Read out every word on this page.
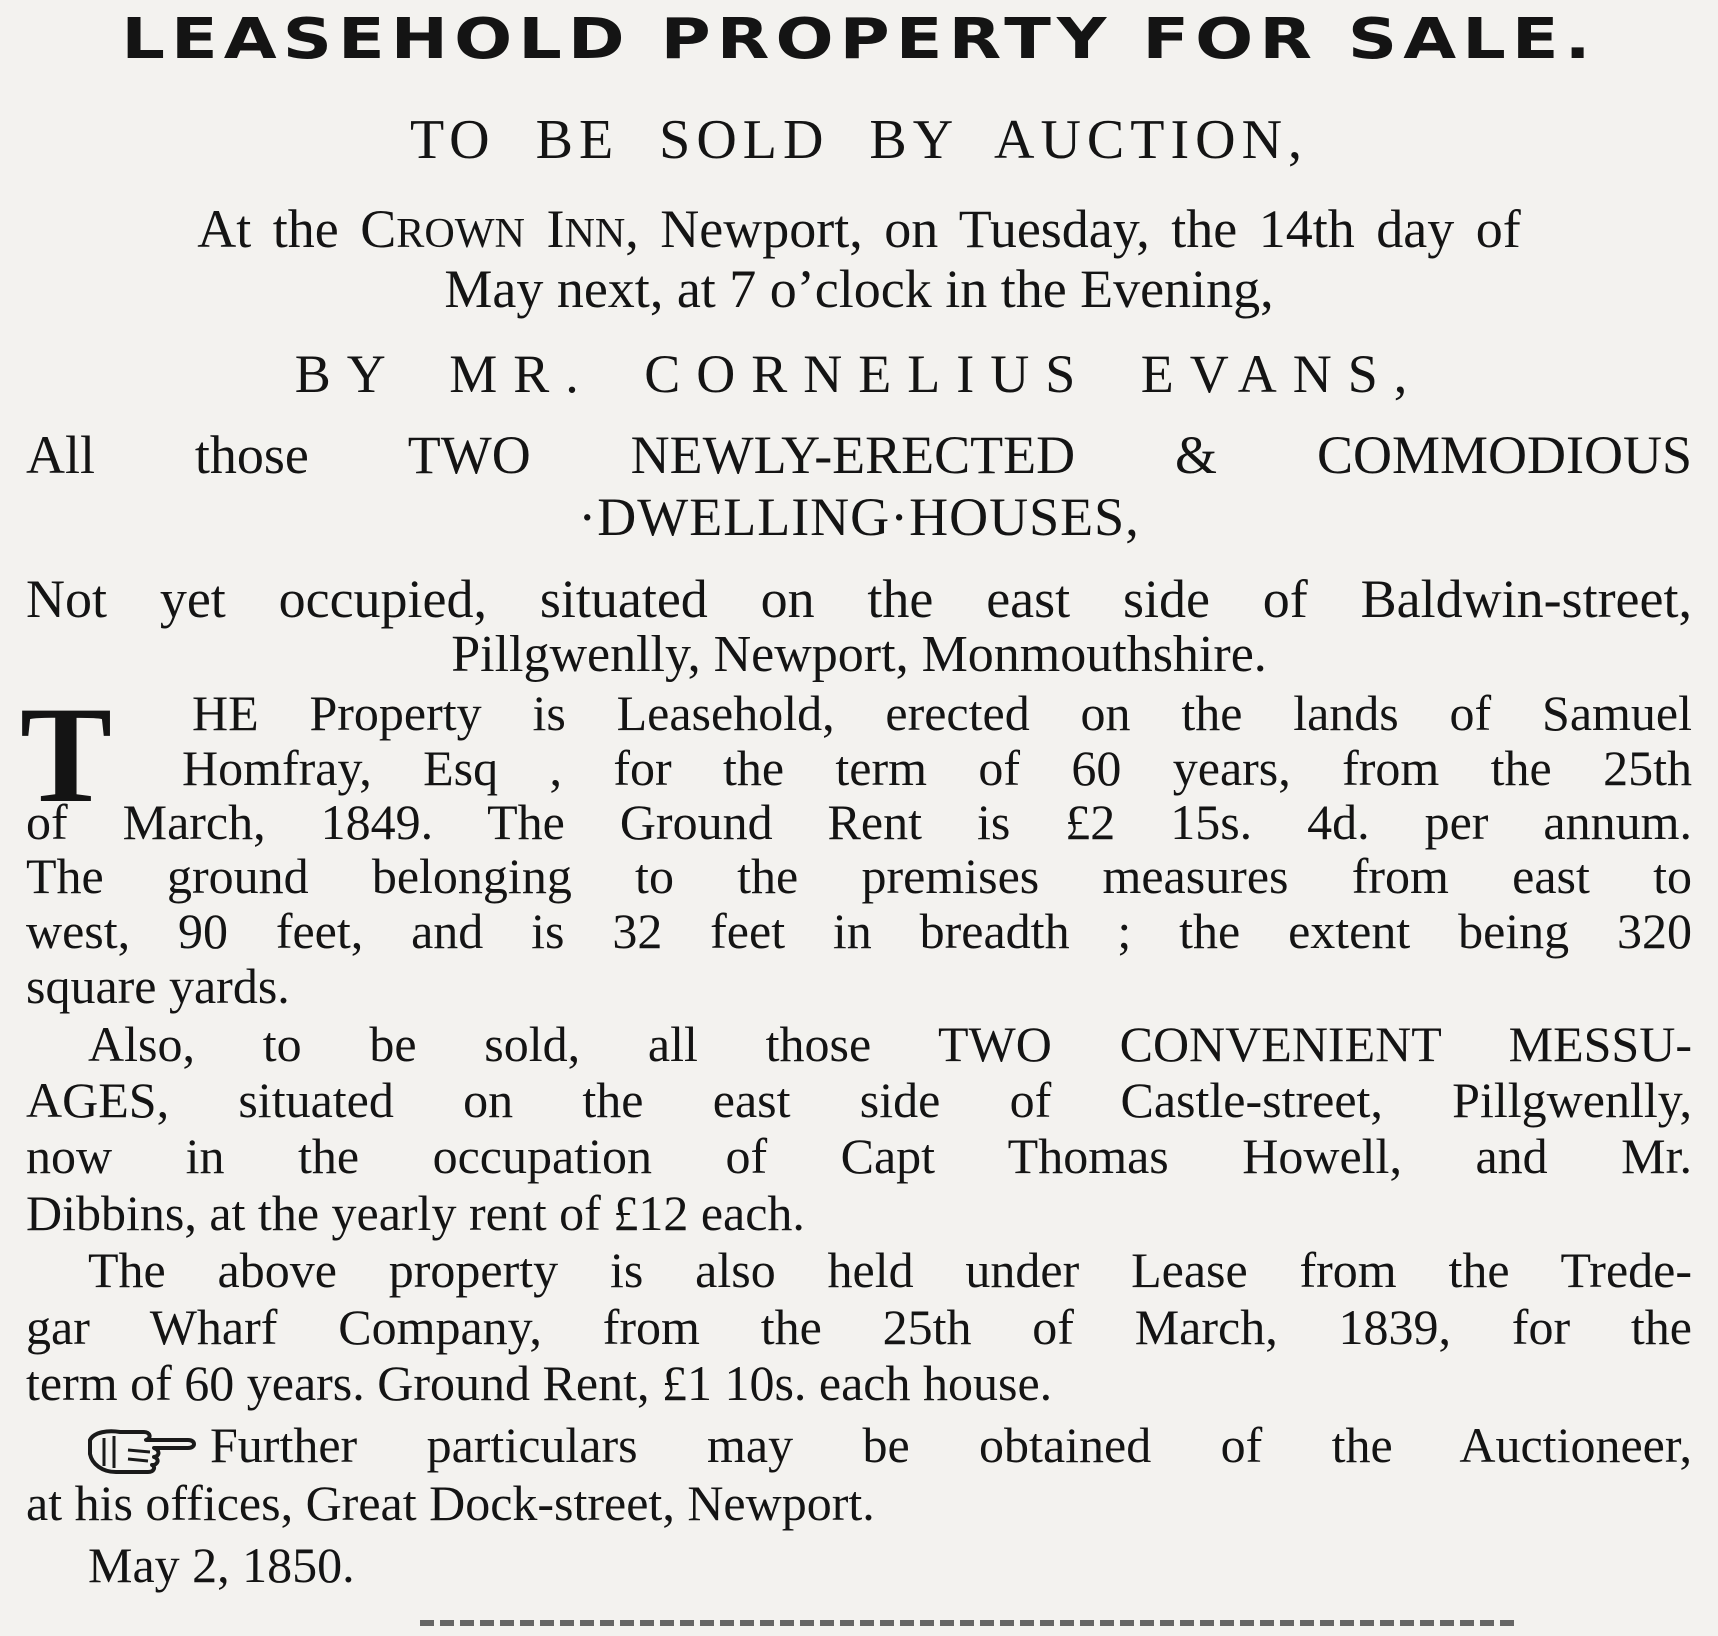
LEASEHOLD PROPERTY FOR SALE.
TO BE SOLD BY AUCTION,
At the CROWN INN, Newport, on Tuesday, the 14th day of
May next, at 7 o’clock in the Evening,
BY MR. CORNELIUS EVANS,
All those TWO NEWLY-ERECTED & COMMODIOUS
·DWELLING·HOUSES,
Not yet occupied, situated on the east side of Baldwin-street,
Pillgwenlly, Newport, Monmouthshire.
T HE Property is Leasehold, erected on the lands of Samuel
Homfray, Esq , for the term of 60 years, from the 25th
of March, 1849. The Ground Rent is £2 15s. 4d. per annum.
The ground belonging to the premises measures from east to
west, 90 feet, and is 32 feet in breadth ; the extent being 320
square yards.
Also, to be sold, all those TWO CONVENIENT MESSU-
AGES, situated on the east side of Castle-street, Pillgwenlly,
now in the occupation of Capt Thomas Howell, and Mr.
Dibbins, at the yearly rent of £12 each.
The above property is also held under Lease from the Trede-
gar Wharf Company, from the 25th of March, 1839, for the
term of 60 years. Ground Rent, £1 10s. each house.
Further particulars may be obtained of the Auctioneer,
at his offices, Great Dock-street, Newport.
May 2, 1850.
